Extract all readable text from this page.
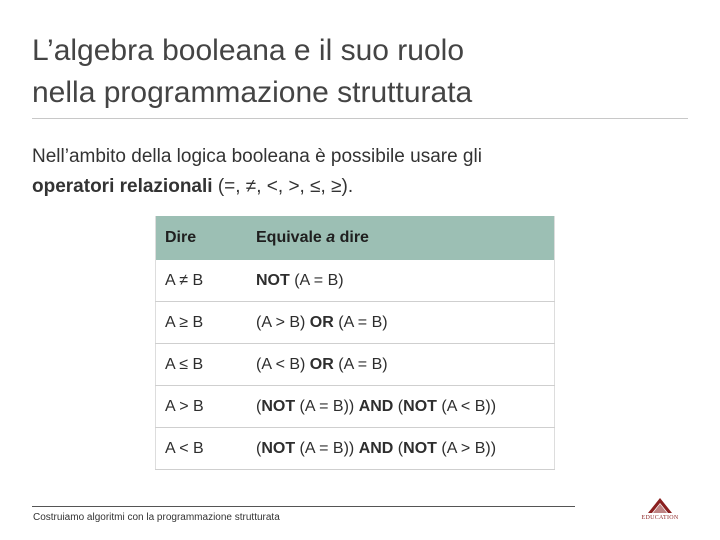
L’algebra booleana e il suo ruolo
nella programmazione strutturata
Nell’ambito della logica booleana è possibile usare gli
operatori relazionali (=, ≠, <, >, ≤, ≥).
Dire	Equivale a dire
A ≠ B	NOT (A = B)
A ≥ B	(A > B) OR (A = B)
A ≤ B	(A < B) OR (A = B)
A > B	(NOT (A = B)) AND (NOT (A < B))
A < B	(NOT (A = B)) AND (NOT (A > B))
Costruiamo algoritmi con la programmazione strutturata	EDUCATION
